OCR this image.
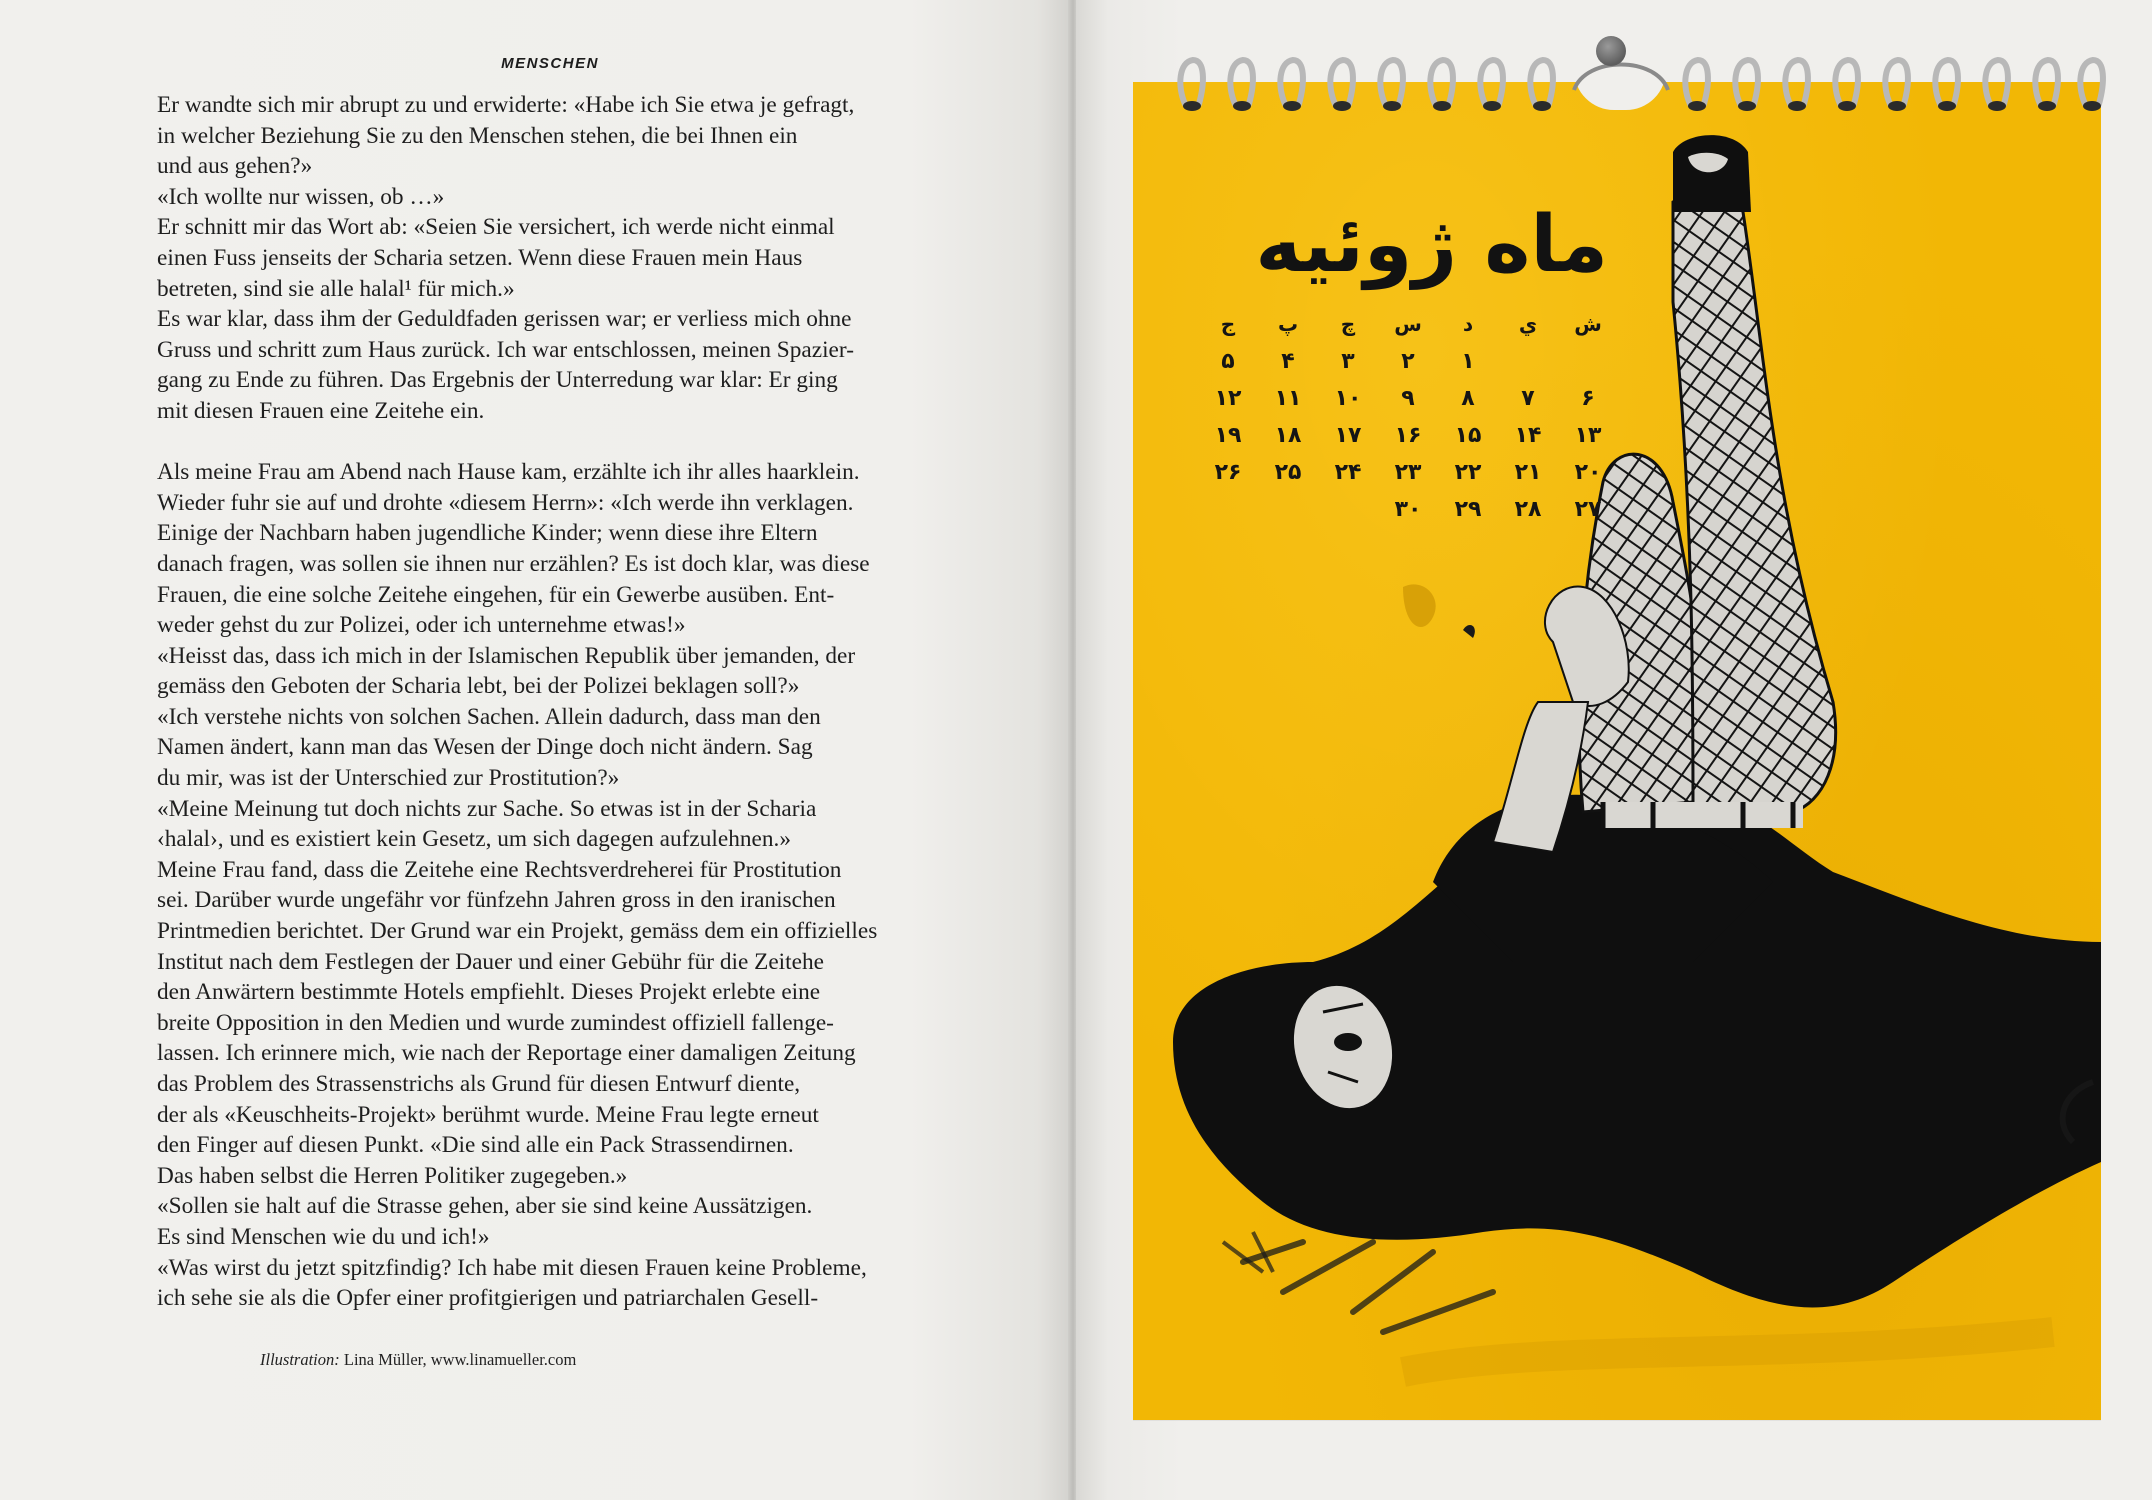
MENSCHEN
Er wandte sich mir abrupt zu und erwiderte: «Habe ich Sie etwa je gefragt,
in welcher Beziehung Sie zu den Menschen stehen, die bei Ihnen ein
und aus gehen?»
«Ich wollte nur wissen, ob …»
Er schnitt mir das Wort ab: «Seien Sie versichert, ich werde nicht einmal
einen Fuss jenseits der Scharia setzen. Wenn diese Frauen mein Haus
betreten, sind sie alle halal¹ für mich.»
Es war klar, dass ihm der Geduldfaden gerissen war; er verliess mich ohne
Gruss und schritt zum Haus zurück. Ich war entschlossen, meinen Spazier-
gang zu Ende zu führen. Das Ergebnis der Unterredung war klar: Er ging
mit diesen Frauen eine Zeitehe ein.
Als meine Frau am Abend nach Hause kam, erzählte ich ihr alles haarklein.
Wieder fuhr sie auf und drohte «diesem Herrn»: «Ich werde ihn verklagen.
Einige der Nachbarn haben jugendliche Kinder; wenn diese ihre Eltern
danach fragen, was sollen sie ihnen nur erzählen? Es ist doch klar, was diese
Frauen, die eine solche Zeitehe eingehen, für ein Gewerbe ausüben. Ent-
weder gehst du zur Polizei, oder ich unternehme etwas!»
«Heisst das, dass ich mich in der Islamischen Republik über jemanden, der
gemäss den Geboten der Scharia lebt, bei der Polizei beklagen soll?»
«Ich verstehe nichts von solchen Sachen. Allein dadurch, dass man den
Namen ändert, kann man das Wesen der Dinge doch nicht ändern. Sag
du mir, was ist der Unterschied zur Prostitution?»
«Meine Meinung tut doch nichts zur Sache. So etwas ist in der Scharia
‹halal›, und es existiert kein Gesetz, um sich dagegen aufzulehnen.»
Meine Frau fand, dass die Zeitehe eine Rechtsverdreherei für Prostitution
sei. Darüber wurde ungefähr vor fünfzehn Jahren gross in den iranischen
Printmedien berichtet. Der Grund war ein Projekt, gemäss dem ein offizielles
Institut nach dem Festlegen der Dauer und einer Gebühr für die Zeitehe
den Anwärtern bestimmte Hotels empfiehlt. Dieses Projekt erlebte eine
breite Opposition in den Medien und wurde zumindest offiziell fallenge-
lassen. Ich erinnere mich, wie nach der Reportage einer damaligen Zeitung
das Problem des Strassenstrichs als Grund für diesen Entwurf diente,
der als «Keuschheits-Projekt» berühmt wurde. Meine Frau legte erneut
den Finger auf diesen Punkt. «Die sind alle ein Pack Strassendirnen.
Das haben selbst die Herren Politiker zugegeben.»
«Sollen sie halt auf die Strasse gehen, aber sie sind keine Aussätzigen.
Es sind Menschen wie du und ich!»
«Was wirst du jetzt spitzfindig? Ich habe mit diesen Frauen keine Probleme,
ich sehe sie als die Opfer einer profitgierigen und patriarchalen Gesell-
Illustration: Lina Müller, www.linamueller.com
ماه ژوئیه
ش
ي
د
س
چ
پ
ج
۱
۲
۳
۴
۵
۶
۷
۸
۹
۱۰
۱۱
۱۲
۱۳
۱۴
۱۵
۱۶
۱۷
۱۸
۱۹
۲۰
۲۱
۲۲
۲۳
۲۴
۲۵
۲۶
۲۷
۲۸
۲۹
۳۰
